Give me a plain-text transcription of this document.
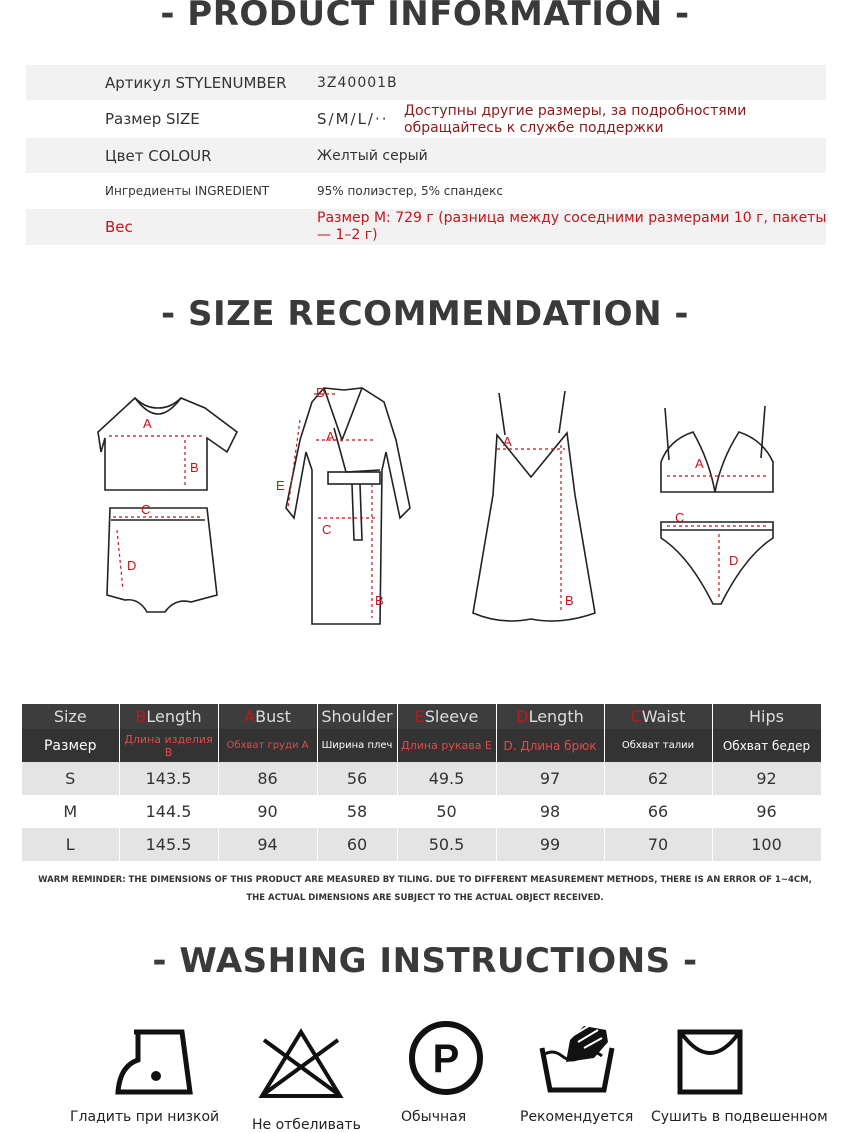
- PRODUCT INFORMATION -
Артикул STYLENUMBER 3Z40001B
Размер SIZE	S/M/L/·· Доступны другие размеры, за подробностями обращайтесь к службе поддержки
Цвет COLOUR	Желтый серый
Ингредиенты INGREDIENT	95% полиэстер, 5% спандекс
Вес	Размер M: 729 г (разница между соседними размерами 10 г, пакеты — 1–2 г)
- SIZE RECOMMENDATION -
A
B
C
D
D
A
E
C
B
A
B
A
C
D
Size	BLength	ABust	Shoulder	ESleeve	DLength	CWaist	Hips
Размер	Длина изделия B	Обхват груди A	Ширина плеч	Длина рукава E	D. Длина брюк	Обхват талии	Обхват бедер
S	143.5	86	56	49.5	97	62	92
M	144.5	90	58	50	98	66	96
L	145.5	94	60	50.5	99	70	100
WARM REMINDER: THE DIMENSIONS OF THIS PRODUCT ARE MEASURED BY TILING. DUE TO DIFFERENT MEASUREMENT METHODS, THERE IS AN ERROR OF 1~4CM,
THE ACTUAL DIMENSIONS ARE SUBJECT TO THE ACTUAL OBJECT RECEIVED.
- WASHING INSTRUCTIONS -
P
Гладить при низкой Не отбеливать	Обычная	Рекомендуется Сушить в подвешенном
